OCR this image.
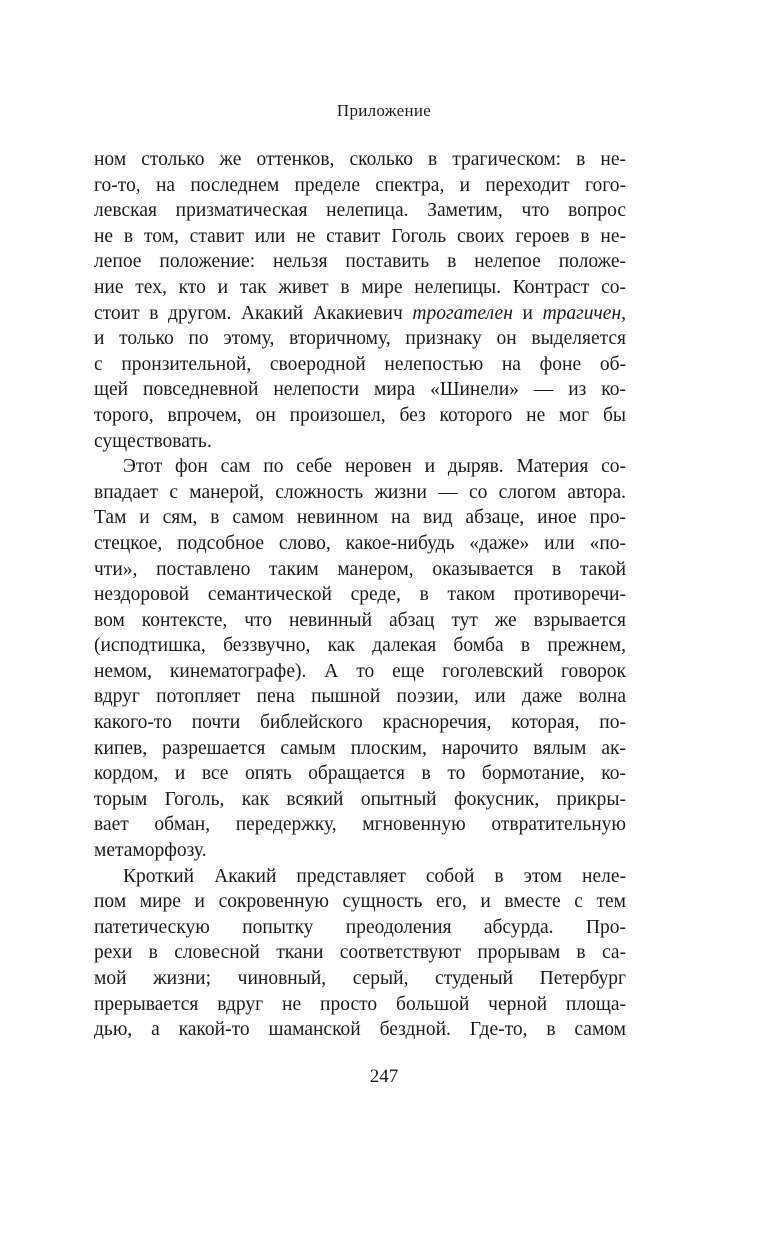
Приложение
ном столько же оттенков, сколько в трагическом: в не-
го-то, на последнем пределе спектра, и переходит гого-
левская призматическая нелепица. Заметим, что вопрос
не в том, ставит или не ставит Гоголь своих героев в не-
лепое положение: нельзя поставить в нелепое положе-
ние тех, кто и так живет в мире нелепицы. Контраст со-
стоит в другом. Акакий Акакиевич трогателен и трагичен,
и только по этому, вторичному, признаку он выделяется
с пронзительной, своеродной нелепостью на фоне об-
щей повседневной нелепости мира «Шинели» — из ко-
торого, впрочем, он произошел, без которого не мог бы
существовать.
Этот фон сам по себе неровен и дыряв. Материя со-
впадает с манерой, сложность жизни — со слогом автора.
Там и сям, в самом невинном на вид абзаце, иное про-
стецкое, подсобное слово, какое-нибудь «даже» или «по-
чти», поставлено таким манером, оказывается в такой
нездоровой семантической среде, в таком противоречи-
вом контексте, что невинный абзац тут же взрывается
(исподтишка, беззвучно, как далекая бомба в прежнем,
немом, кинематографе). А то еще гоголевский говорок
вдруг потопляет пена пышной поэзии, или даже волна
какого-то почти библейского красноречия, которая, по-
кипев, разрешается самым плоским, нарочито вялым ак-
кордом, и все опять обращается в то бормотание, ко-
торым Гоголь, как всякий опытный фокусник, прикры-
вает обман, передержку, мгновенную отвратительную
метаморфозу.
Кроткий Акакий представляет собой в этом неле-
пом мире и сокровенную сущность его, и вместе с тем
патетическую попытку преодоления абсурда. Про-
рехи в словесной ткани соответствуют прорывам в са-
мой жизни; чиновный, серый, студеный Петербург
прерывается вдруг не просто большой черной площа-
дью, а какой-то шаманской бездной. Где-то, в самом
247
